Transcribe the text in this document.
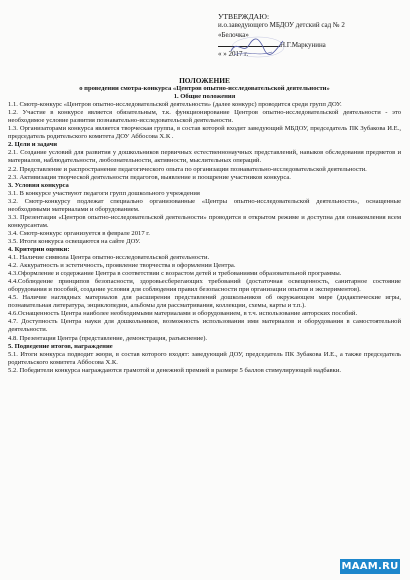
УТВЕРЖДАЮ:
и.о.заведующего МБДОУ детский сад № 2
«Белочка»
Н.Г.Маркунина
« » 2017 г.

ПОЛОЖЕНИЕ

о проведении смотра-конкурса «Центров опытно-исследовательской деятельности»

1. Общие положения

1.1. Смотр-конкурс «Центров опытно-исследовательской деятельности» (далее конкурс) проводится среди групп ДОУ.

1.2. Участие в конкурсе является обязательным, т.к. функционирование Центров опытно-исследовательской деятельности - это необходимое условие развития познавательно-исследовательской деятельности.

1.3. Организаторами конкурса является творческая группа, в состав которой входит заведующий МБДОУ, председатель ПК Зубакова И.Е., председатель родительского комитета ДОУ Аббосова Х.К .

2. Цели и задачи

2.1. Создание условий для развития у дошкольников первичных естественнонаучных представлений, навыков обследования предметов и материалов, наблюдательности, любознательности, активности, мыслительных операций.

2.2. Представление и распространение педагогического опыта по организации познавательно-исследовательской деятельности.

2.3. Активизация творческой деятельности педагогов, выявление и поощрение участников конкурса.

3. Условия конкурса

3.1. В конкурсе участвуют педагоги групп дошкольного учреждения

3.2. Смотр-конкурсу подлежат специально организованные «Центры опытно-исследовательской деятельности», оснащенные необходимыми материалами и оборудованием.

3.3. Презентация «Центров опытно-исследовательской деятельности» проводится в открытом режиме и доступна для ознакомления всем конкурсантам.

3.4. Смотр-конкурс организуется в феврале 2017 г.

3.5. Итоги конкурса освещаются на сайте ДОУ.

4. Критерии оценки:

4.1. Наличие символа Центра опытно-исследовательской деятельности.

4.2. Аккуратность и эстетичность, проявление творчества в оформлении Центра.

4.3.Оформление и содержание Центра в соответствии с возрастом детей и требованиями образовательной программы.

4.4.Соблюдение принципов безопасности, здоровьесберегающих требований (достаточная освещенность, санитарное состояние оборудования и пособий, создание условия для соблюдения правил безопасности при организации опытов и экспериментов).

4.5. Наличие наглядных материалов для расширения представлений дошкольников об окружающем мире (дидактические игры, познавательная литература, энциклопедии, альбомы для рассматривания, коллекции, схемы, карты и т.п.).

4.6.Оснащенность Центра наиболее необходимыми материалами и оборудованием, в т.ч. использование авторских пособий.

4.7. Доступность Центра науки для дошкольников, возможность использования ими материалов и оборудования в самостоятельной деятельности.

4.8. Презентация Центра (представление, демонстрация, разъяснение).

5. Подведение итогов, награждение

5.1. Итоги конкурса подводит жюри, в состав которого входят: заведующий ДОУ, председатель ПК Зубакова И.Е., а также председатель родительского комитета Аббосова Х.К.

5.2. Победители конкурса награждаются грамотой и денежной премией в размере 5 баллов стимулирующей надбавки.

MAAM.RU
